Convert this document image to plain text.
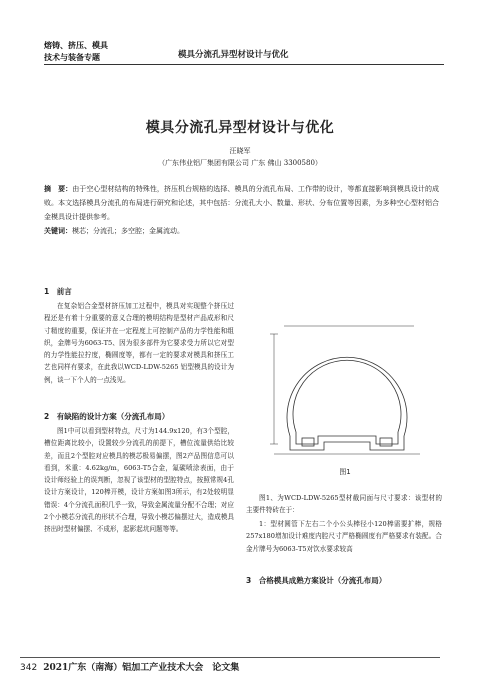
熔铸、挤压、模具
技术与装备专题	模具分流孔异型材设计与优化
模具分流孔异型材设计与优化
汪晓军
（广东伟业铝厂集团有限公司 广东 佛山 3300580）
摘　要：由于空心型材结构的特殊性，挤压机台规格的选择、模具的分流孔布局、工作带的设计，等都直接影响到模具设计的成败。本文选择模具分流孔的布局进行研究和论述，其中包括：分流孔大小、数量、形状、分布位置等因素，为多种空心型材铝合金模具设计提供参考。
关键词：模芯；分流孔；多空腔；金属流动。
1　前言
在复杂铝合金型材挤压加工过程中，模具对实现整个挤压过程还是有着十分重要的意义合理的模明结构是型材产品成形和尺寸精度的重要，保证并在一定程度上可控制产品的力学性能和组织，金牌号为6063-T5、因为很多部件为它要求受力所以它对型的力学性能拉拧度，椭圆度等，都有一定的要求对模具和挤压工艺也同样有要求，在此我以WCD-LDW-5265 铝型模具的设计为例，谈一下个人的一点浅见。
2　有缺陷的设计方案（分流孔布局）
图1中可以看到型材特点，尺寸为144.9x120，有3个型腔，槽位距离比较小，设置较少分流孔的前提下，槽位流量供给比较差，而且2个型腔对应模具的模芯极易偏摆，图2产品图信息可以看到，米重：4.62kg/m，6063-T5合金，氟碳喷涂表面，由于设计师经验上的误判断，忽视了该型材的型腔特点，按照常规4孔设计方案设计，120棒开模，设计方案如图3所示，有2处较明显错误：4个分流孔面积几乎一致，导致金属流量分配不合理；对应2个小模芯分流孔的形状不合理，导致小模芯偏摆过大，造成模具挤出时型材偏摆、不成形，起影起坑问题等等。
图1
图1、为WCD-LDW-5265型材截同面与尺寸要求：该型材的主要件特砖在于：
1：型材圆管下左右二个小公头棒径小120棒需要扩棒，规格257x180增加设计难度内腔尺寸严格椭圆度有严格要求有装配。合金片牌号为6063-T5对饮水要求较高
3　合格模具成熟方案设计（分流孔布局）
342 2021广东（南海）铝加工产业技术大会　论文集
